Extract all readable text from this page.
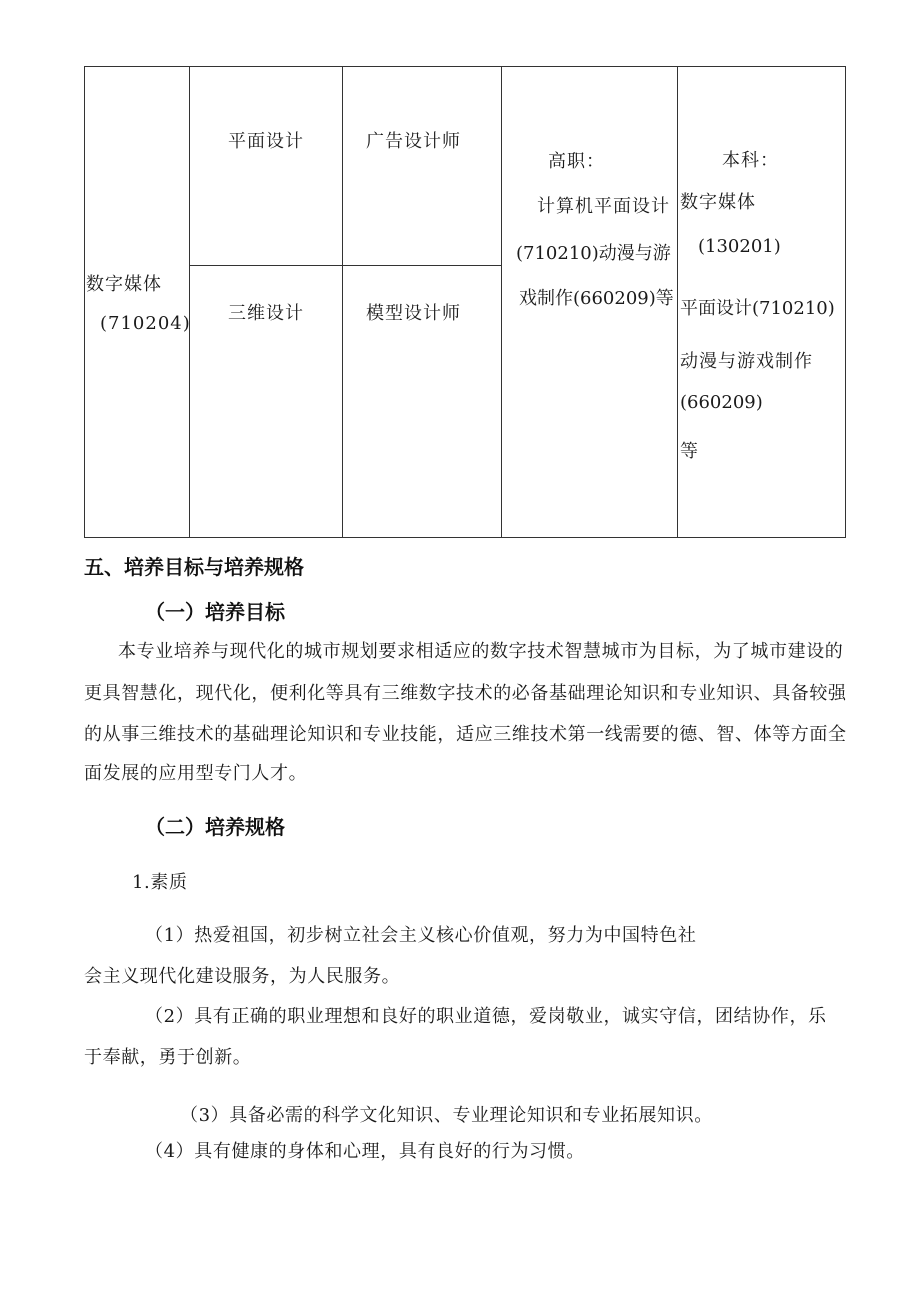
数字媒体
(710204)
平面设计	广告设计师
三维设计	模型设计师
高职：
计算机平面设计
(710210)动漫与游
戏制作(660209)等
本科：
数字媒体
(130201)
平面设计(710210)
动漫与游戏制作
(660209)
等
五、培养目标与培养规格
（一）培养目标
本专业培养与现代化的城市规划要求相适应的数字技术智慧城市为目标，为了城市建设的
更具智慧化，现代化，便利化等具有三维数字技术的必备基础理论知识和专业知识、具备较强
的从事三维技术的基础理论知识和专业技能，适应三维技术第一线需要的德、智、体等方面全
面发展的应用型专门人才。
（二）培养规格
1.素质
（1）热爱祖国，初步树立社会主义核心价值观，努力为中国特色社
会主义现代化建设服务，为人民服务。
（2）具有正确的职业理想和良好的职业道德，爱岗敬业，诚实守信，团结协作，乐
于奉献，勇于创新。
（3）具备必需的科学文化知识、专业理论知识和专业拓展知识。
（4）具有健康的身体和心理，具有良好的行为习惯。
